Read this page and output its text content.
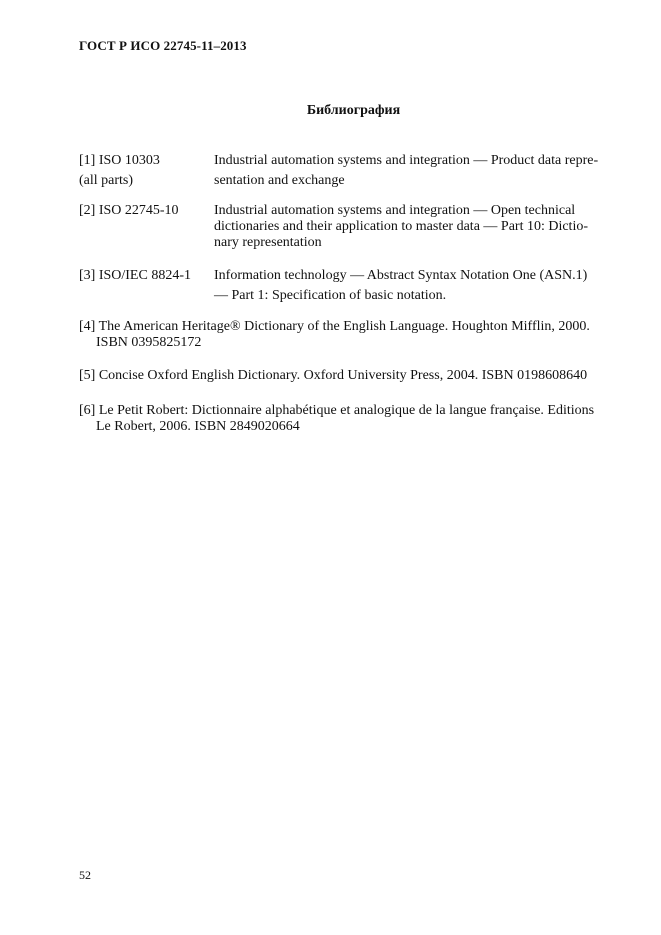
ГОСТ Р ИСО 22745-11–2013
Библиография
[1] ISO 10303	Industrial automation systems and integration — Product data repre-
(all parts)	sentation and exchange
[2] ISO 22745-10	Industrial automation systems and integration — Open technical
dictionaries and their application to master data — Part 10: Dictio-
nary representation
[3] ISO/IEC 8824-1	Information technology — Abstract Syntax Notation One (ASN.1)
— Part 1: Specification of basic notation.
[4] The American Heritage® Dictionary of the English Language. Houghton Mifflin, 2000.
ISBN 0395825172
[5] Concise Oxford English Dictionary. Oxford University Press, 2004. ISBN 0198608640
[6] Le Petit Robert: Dictionnaire alphabétique et analogique de la langue française. Editions
Le Robert, 2006. ISBN 2849020664
52
